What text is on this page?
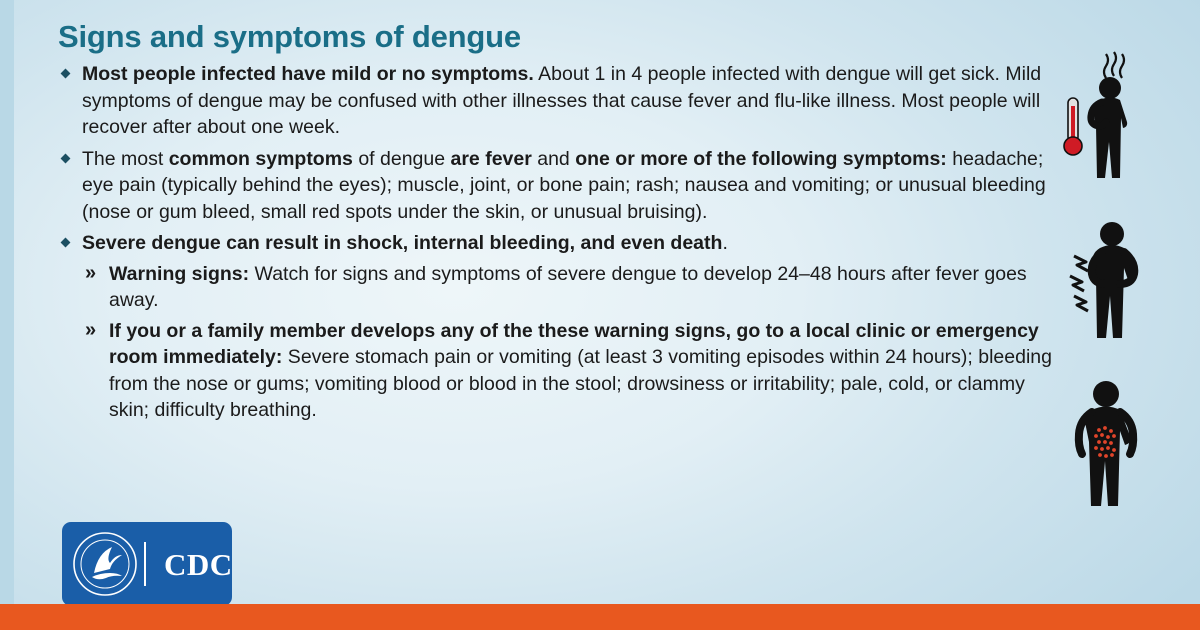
Signs and symptoms of dengue
Most people infected have mild or no symptoms. About 1 in 4 people infected with dengue will get sick. Mild symptoms of dengue may be confused with other illnesses that cause fever and flu-like illness. Most people will recover after about one week.
The most common symptoms of dengue are fever and one or more of the following symptoms: headache; eye pain (typically behind the eyes); muscle, joint, or bone pain; rash; nausea and vomiting; or unusual bleeding (nose or gum bleed, small red spots under the skin, or unusual bruising).
Severe dengue can result in shock, internal bleeding, and even death.
» Warning signs: Watch for signs and symptoms of severe dengue to develop 24–48 hours after fever goes away.
» If you or a family member develops any of the these warning signs, go to a local clinic or emergency room immediately: Severe stomach pain or vomiting (at least 3 vomiting episodes within 24 hours); bleeding from the nose or gums; vomiting blood or blood in the stool; drowsiness or irritability; pale, cold, or clammy skin; difficulty breathing.
CDC
